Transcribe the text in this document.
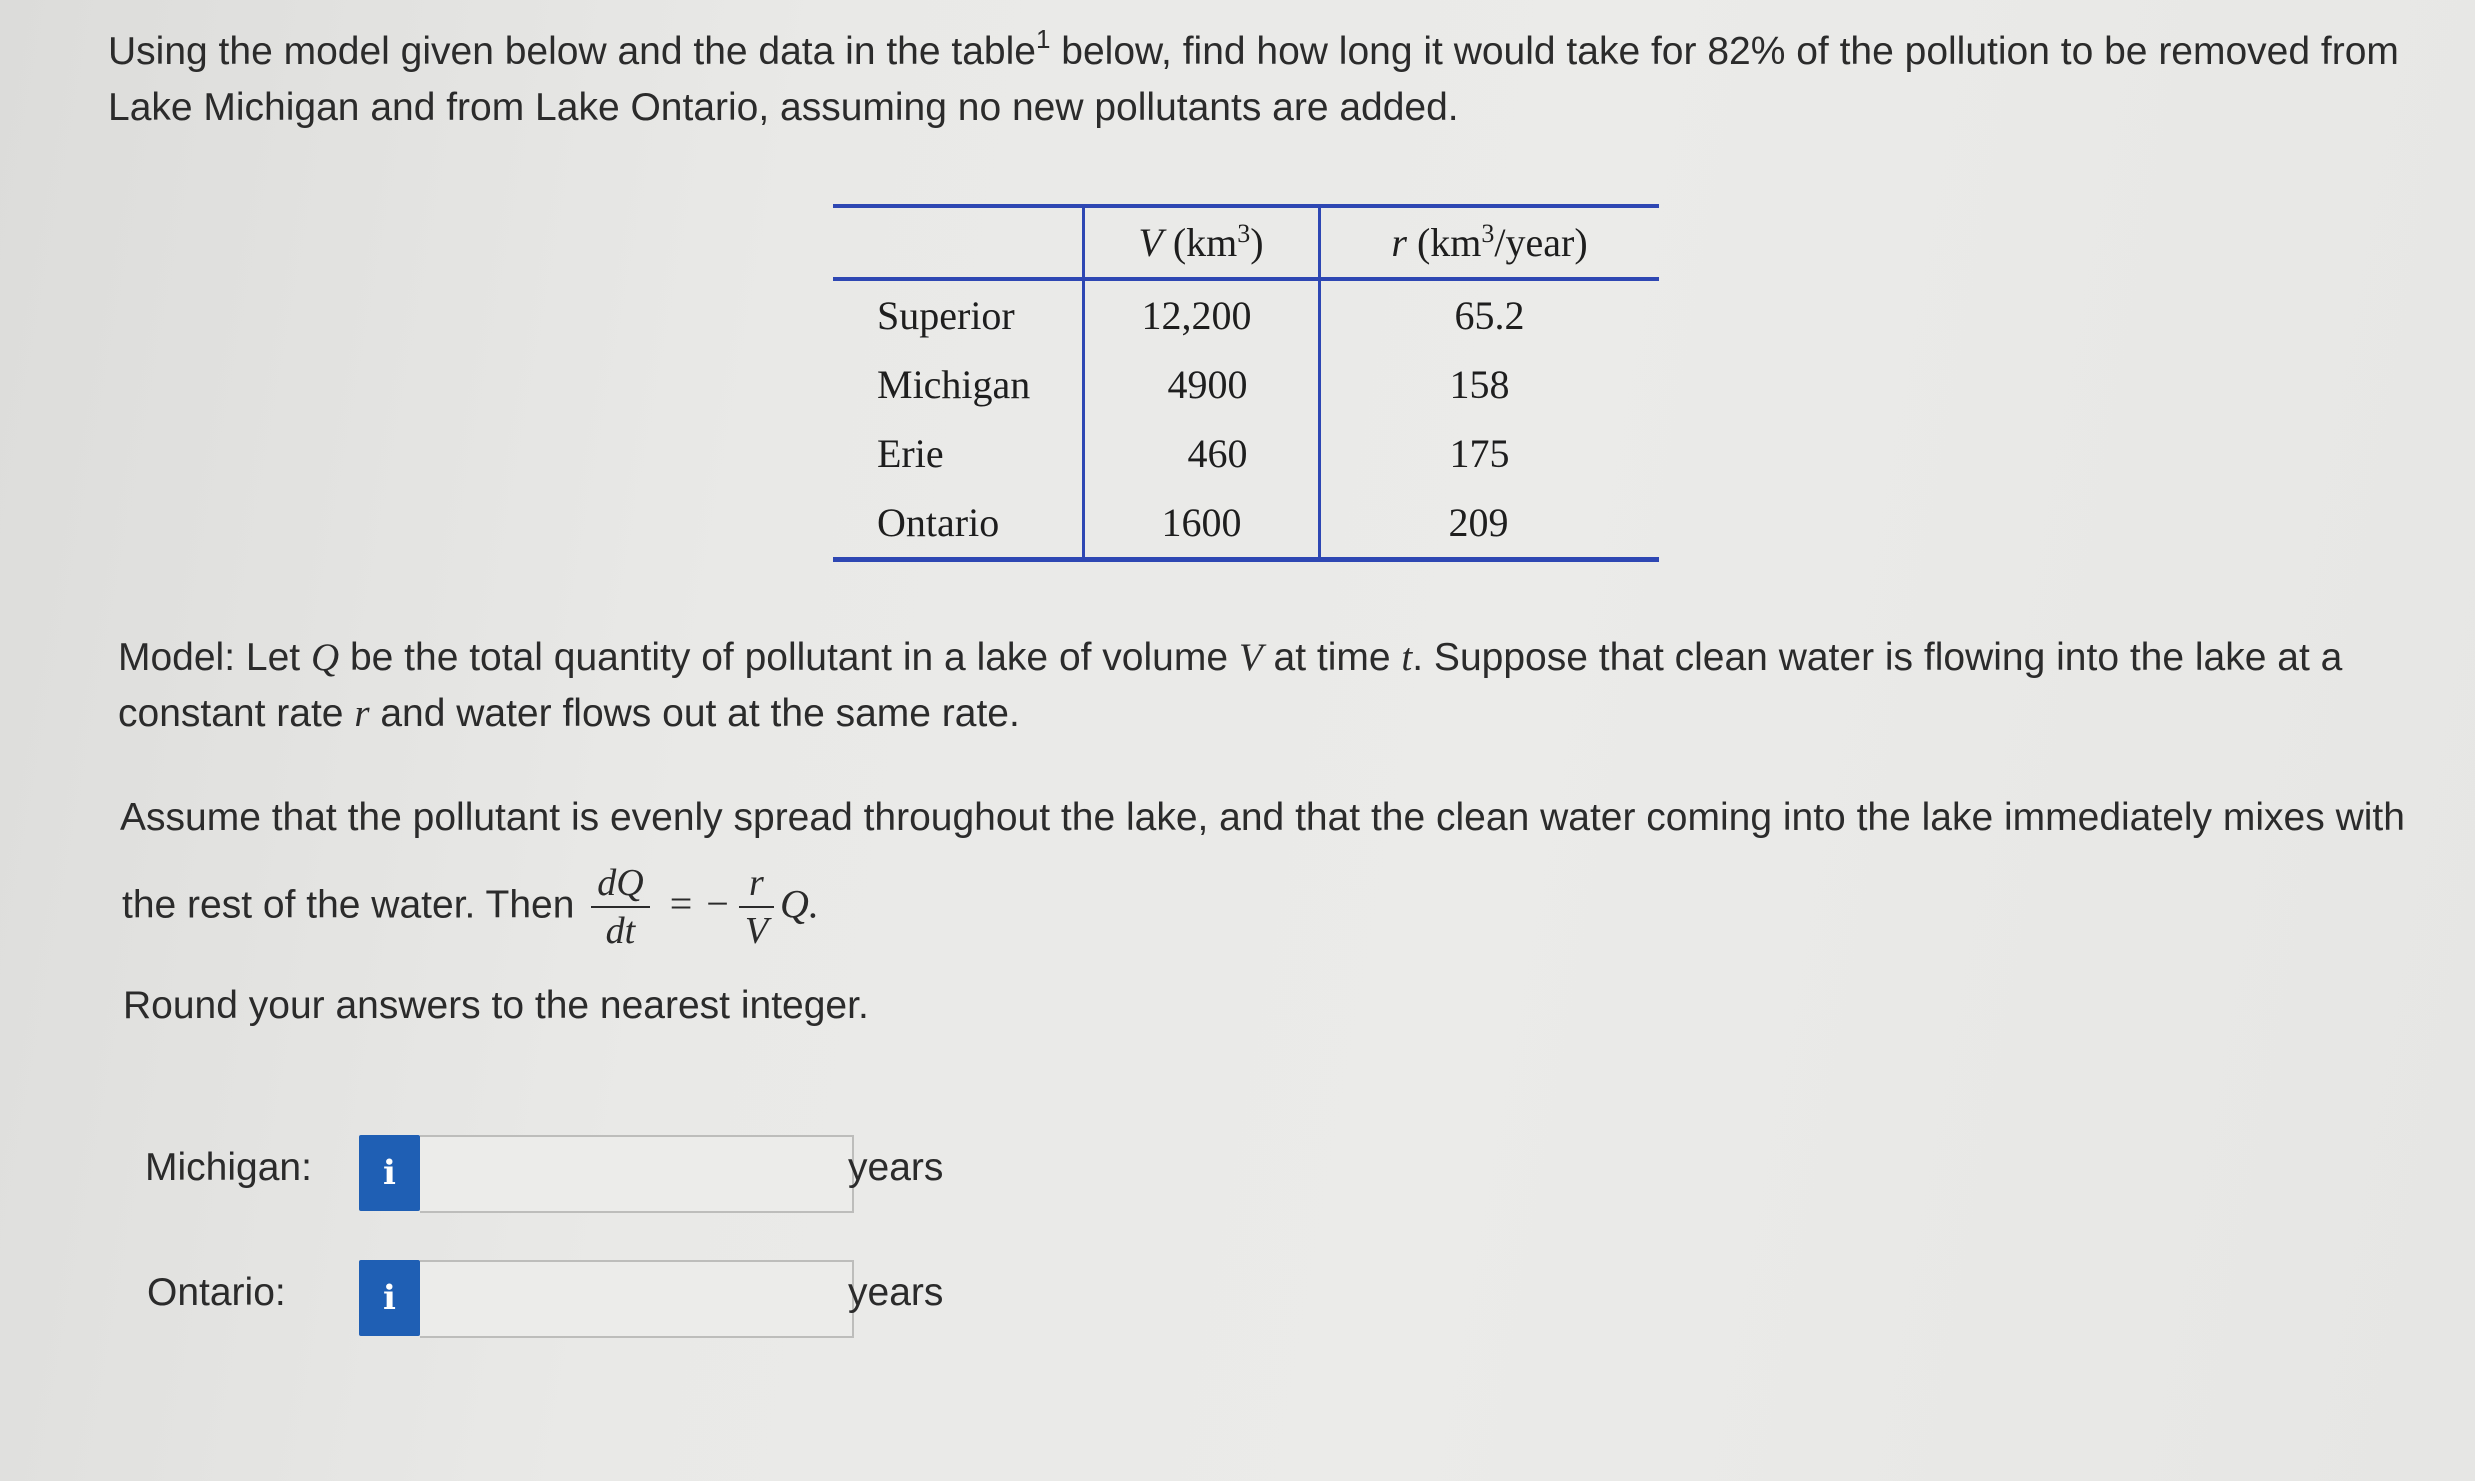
Using the model given below and the data in the table$^1$ below, find how long it would take for 82% of the pollution to be removed from Lake Michigan and from Lake Ontario, assuming no new pollutants are added.

	V $(km^3)$	r $(km^3/year)$
Superior	12,200	65.2
Michigan	4900	158
Erie	460	175
Ontario	1600	209

Model: Let Q be the total quantity of pollutant in a lake of volume V at time t. Suppose that clean water is flowing into the lake at a constant rate r and water flows out at the same rate.

Assume that the pollutant is evenly spread throughout the lake, and that the clean water coming into the lake immediately mixes with

the rest of the water. Then $\frac{dQ}{dt}$ = − $\frac{r}{V} Q$.

Round your answers to the nearest integer.

Michigan:	i	years
Ontario:	i	years
